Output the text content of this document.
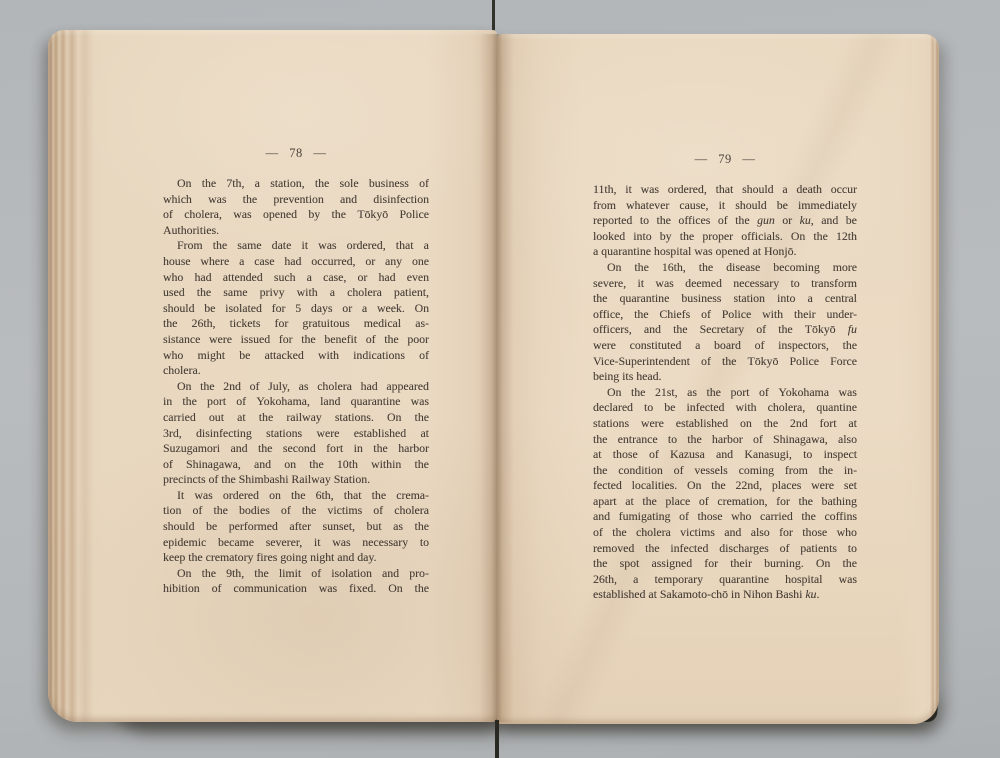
— 78 —
On the 7th, a station, the sole business of
which was the prevention and disinfection
of cholera, was opened by the Tōkyō Police
Authorities.
From the same date it was ordered, that a
house where a case had occurred, or any one
who had attended such a case, or had even
used the same privy with a cholera patient,
should be isolated for 5 days or a week. On
the 26th, tickets for gratuitous medical as-
sistance were issued for the benefit of the poor
who might be attacked with indications of
cholera.
On the 2nd of July, as cholera had appeared
in the port of Yokohama, land quarantine was
carried out at the railway stations. On the
3rd, disinfecting stations were established at
Suzugamori and the second fort in the harbor
of Shinagawa, and on the 10th within the
precincts of the Shimbashi Railway Station.
It was ordered on the 6th, that the crema-
tion of the bodies of the victims of cholera
should be performed after sunset, but as the
epidemic became severer, it was necessary to
keep the crematory fires going night and day.
On the 9th, the limit of isolation and pro-
hibition of communication was fixed. On the
— 79 —
11th, it was ordered, that should a death occur
from whatever cause, it should be immediately
reported to the offices of the gun or ku, and be
looked into by the proper officials. On the 12th
a quarantine hospital was opened at Honjō.
On the 16th, the disease becoming more
severe, it was deemed necessary to transform
the quarantine business station into a central
office, the Chiefs of Police with their under-
officers, and the Secretary of the Tōkyō fu
were constituted a board of inspectors, the
Vice-Superintendent of the Tōkyō Police Force
being its head.
On the 21st, as the port of Yokohama was
declared to be infected with cholera, quantine
stations were established on the 2nd fort at
the entrance to the harbor of Shinagawa, also
at those of Kazusa and Kanasugi, to inspect
the condition of vessels coming from the in-
fected localities. On the 22nd, places were set
apart at the place of cremation, for the bathing
and fumigating of those who carried the coffins
of the cholera victims and also for those who
removed the infected discharges of patients to
the spot assigned for their burning. On the
26th, a temporary quarantine hospital was
established at Sakamoto-chō in Nihon Bashi ku.
